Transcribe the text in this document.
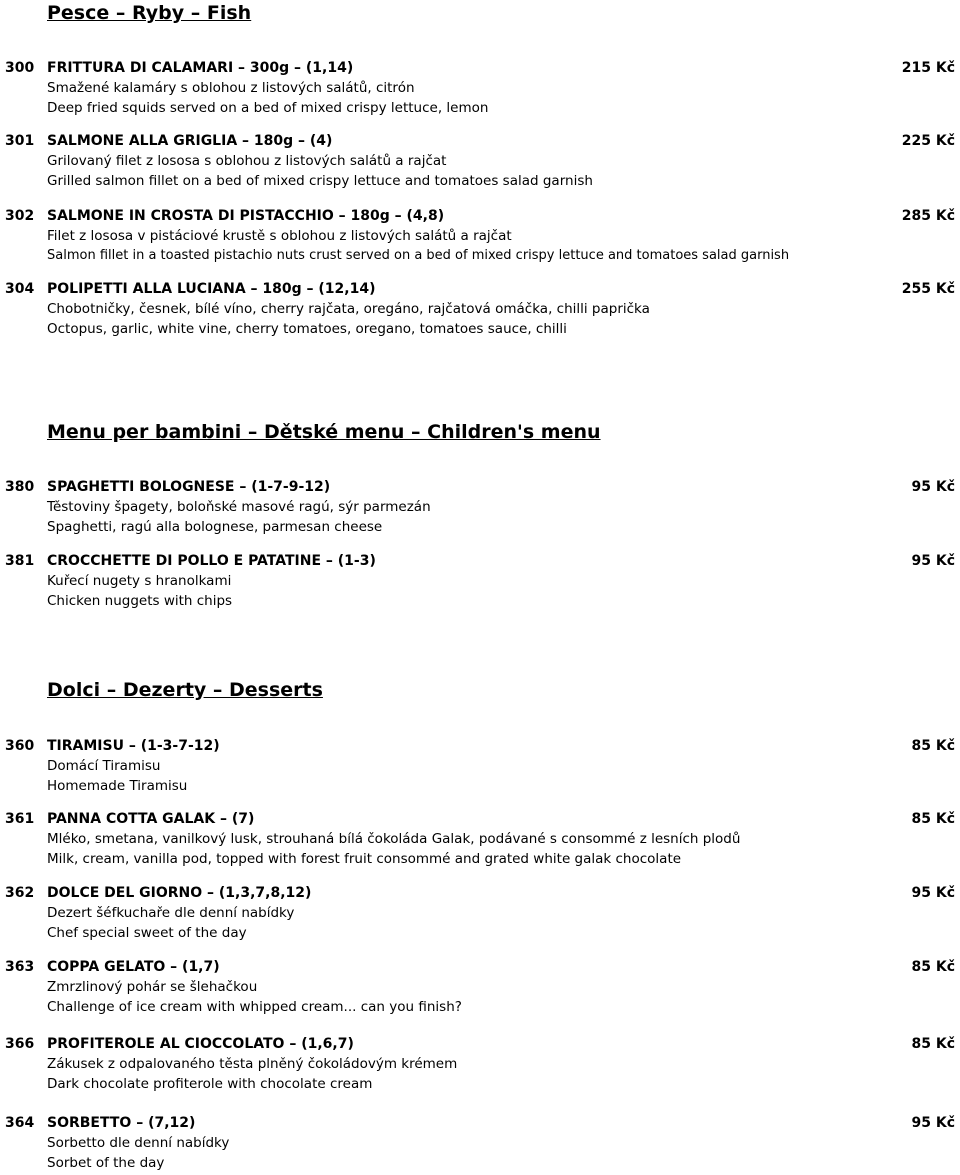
Pesce – Ryby – Fish
300 FRITTURA DI CALAMARI – 300g – (1,14)	215 Kč
Smažené kalamáry s oblohou z listových salátů, citrón
Deep fried squids served on a bed of mixed crispy lettuce, lemon
301 SALMONE ALLA GRIGLIA – 180g – (4)	225 Kč
Grilovaný filet z lososa s oblohou z listových salátů a rajčat
Grilled salmon fillet on a bed of mixed crispy lettuce and tomatoes salad garnish
302 SALMONE IN CROSTA DI PISTACCHIO – 180g – (4,8)	285 Kč
Filet z lososa v pistáciové krustě s oblohou z listových salátů a rajčat
Salmon fillet in a toasted pistachio nuts crust served on a bed of mixed crispy lettuce and tomatoes salad garnish
304 POLIPETTI ALLA LUCIANA – 180g – (12,14)	255 Kč
Chobotničky, česnek, bílé víno, cherry rajčata, oregáno, rajčatová omáčka, chilli paprička
Octopus, garlic, white vine, cherry tomatoes, oregano, tomatoes sauce, chilli
Menu per bambini – Dětské menu – Children's menu
380 SPAGHETTI BOLOGNESE – (1-7-9-12)	95 Kč
Těstoviny špagety, boloňské masové ragú, sýr parmezán
Spaghetti, ragú alla bolognese, parmesan cheese
381 CROCCHETTE DI POLLO E PATATINE – (1-3)	95 Kč
Kuřecí nugety s hranolkami
Chicken nuggets with chips
Dolci – Dezerty – Desserts
360 TIRAMISU – (1-3-7-12)	85 Kč
Domácí Tiramisu
Homemade Tiramisu
361 PANNA COTTA GALAK – (7)	85 Kč
Mléko, smetana, vanilkový lusk, strouhaná bílá čokoláda Galak, podávané s consommé z lesních plodů
Milk, cream, vanilla pod, topped with forest fruit consommé and grated white galak chocolate
362 DOLCE DEL GIORNO – (1,3,7,8,12)	95 Kč
Dezert šéfkuchaře dle denní nabídky
Chef special sweet of the day
363 COPPA GELATO – (1,7)	85 Kč
Zmrzlinový pohár se šlehačkou
Challenge of ice cream with whipped cream... can you finish?
366 PROFITEROLE AL CIOCCOLATO – (1,6,7)	85 Kč
Zákusek z odpalovaného těsta plněný čokoládovým krémem
Dark chocolate profiterole with chocolate cream
364 SORBETTO – (7,12)	95 Kč
Sorbetto dle denní nabídky
Sorbet of the day
